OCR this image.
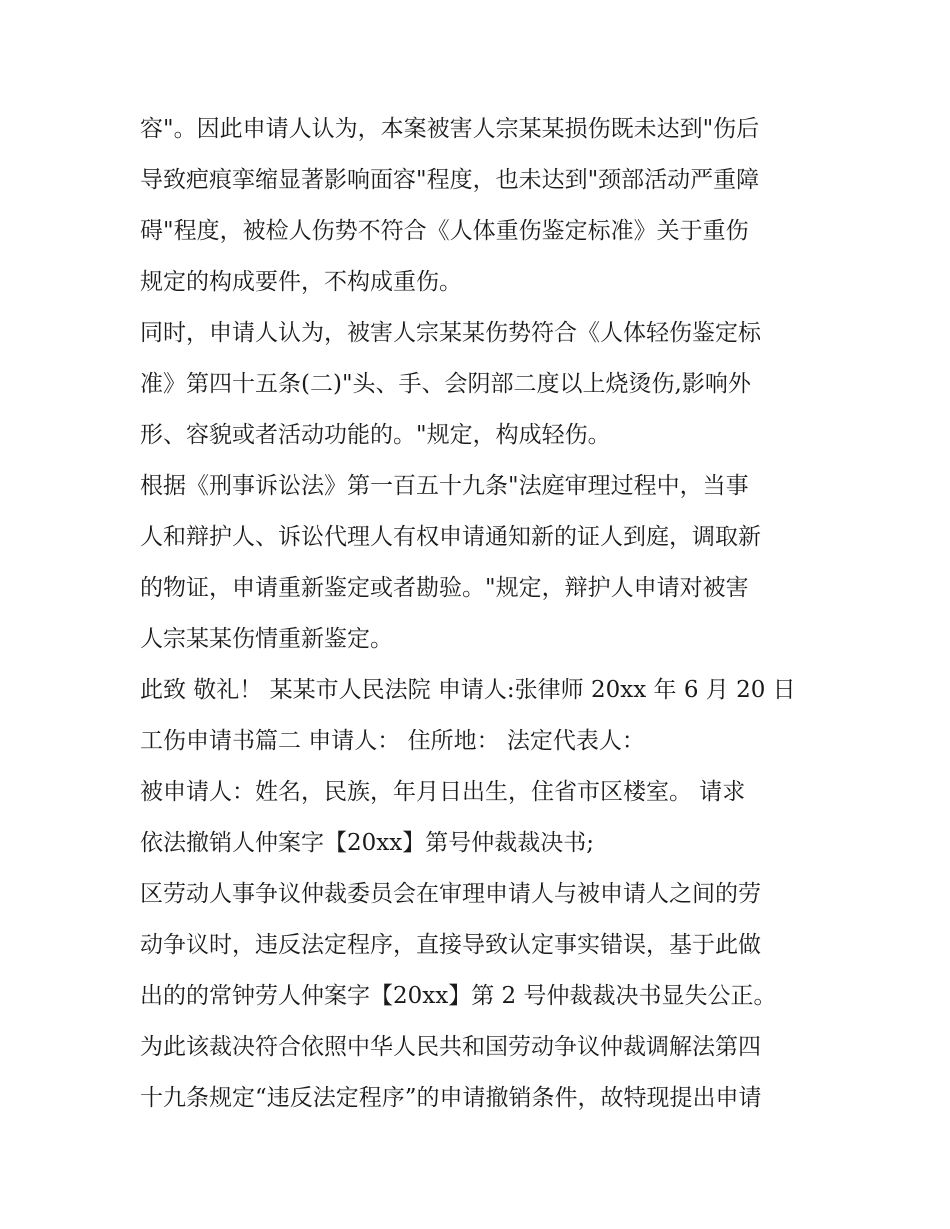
容"。因此申请人认为，本案被害人宗某某损伤既未达到"伤后
导致疤痕挛缩显著影响面容"程度，也未达到"颈部活动严重障
碍"程度，被检人伤势不符合《人体重伤鉴定标准》关于重伤
规定的构成要件，不构成重伤。
同时，申请人认为，被害人宗某某伤势符合《人体轻伤鉴定标
准》第四十五条(二)"头、手、会阴部二度以上烧烫伤,影响外
形、容貌或者活动功能的。"规定，构成轻伤。
根据《刑事诉讼法》第一百五十九条"法庭审理过程中，当事
人和辩护人、诉讼代理人有权申请通知新的证人到庭，调取新
的物证，申请重新鉴定或者勘验。"规定，辩护人申请对被害
人宗某某伤情重新鉴定。
此致 敬礼！ 某某市人民法院 申请人:张律师 20xx 年 6 月 20 日
工伤申请书篇二 申请人： 住所地： 法定代表人：
被申请人：姓名，民族，年月日出生，住省市区楼室。 请求
依法撤销人仲案字【20xx】第号仲裁裁决书;
区劳动人事争议仲裁委员会在审理申请人与被申请人之间的劳
动争议时，违反法定程序，直接导致认定事实错误，基于此做
出的的常钟劳人仲案字【20xx】第 2 号仲裁裁决书显失公正。
为此该裁决符合依照中华人民共和国劳动争议仲裁调解法第四
十九条规定“违反法定程序”的申请撤销条件，故特现提出申请
